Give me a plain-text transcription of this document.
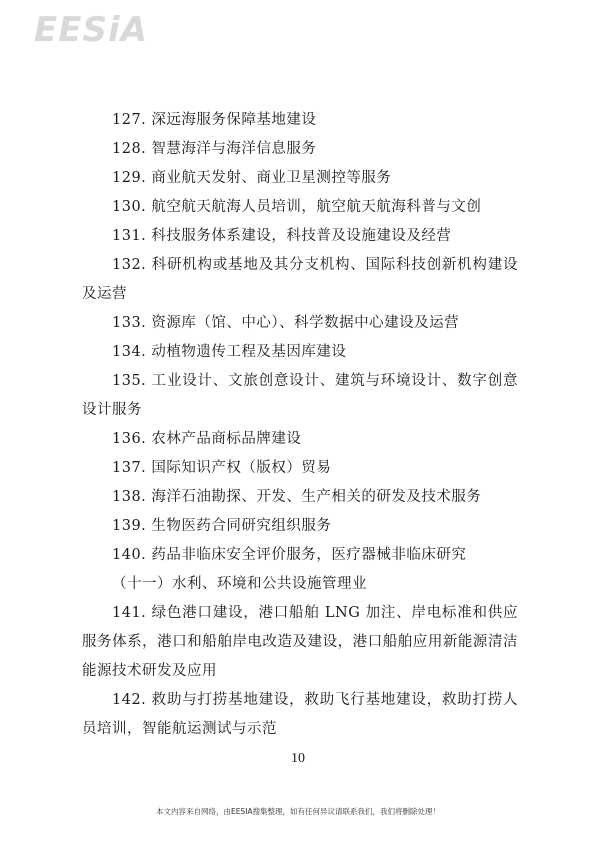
EESiA

127. 深远海服务保障基地建设

128. 智慧海洋与海洋信息服务

129. 商业航天发射、商业卫星测控等服务

130. 航空航天航海人员培训，航空航天航海科普与文创

131. 科技服务体系建设，科技普及设施建设及经营

132. 科研机构或基地及其分支机构、国际科技创新机构建设及运营

133. 资源库（馆、中心）、科学数据中心建设及运营

134. 动植物遗传工程及基因库建设

135. 工业设计、文旅创意设计、建筑与环境设计、数字创意设计服务

136. 农林产品商标品牌建设

137. 国际知识产权（版权）贸易

138. 海洋石油勘探、开发、生产相关的研发及技术服务

139. 生物医药合同研究组织服务

140. 药品非临床安全评价服务，医疗器械非临床研究

（十一）水利、环境和公共设施管理业

141. 绿色港口建设，港口船舶 LNG 加注、岸电标准和供应服务体系，港口和船舶岸电改造及建设，港口船舶应用新能源清洁能源技术研发及应用

142. 救助与打捞基地建设，救助飞行基地建设，救助打捞人员培训，智能航运测试与示范

10
本文内容来自网络，由EESIA搜集整理，如有任何异议请联系我们，我们将删除处理！
